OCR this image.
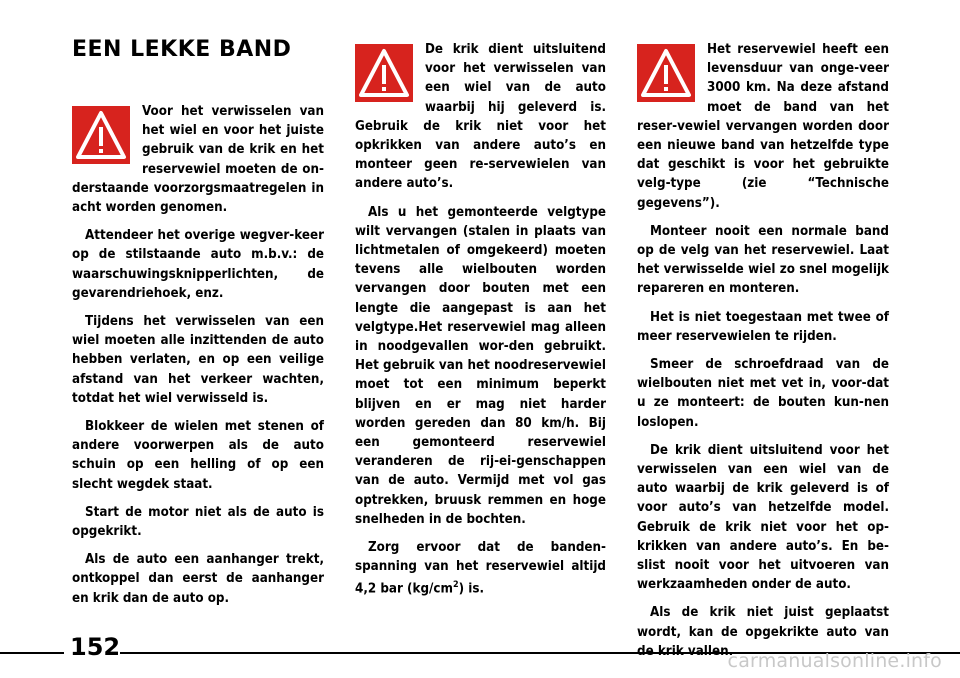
EEN LEKKE BAND

Voor het verwisselen van het wiel en voor het juiste gebruik van de krik en het reservewiel moeten de on-derstaande voorzorgsmaatregelen in acht worden genomen.

Attendeer het overige wegver-keer op de stilstaande auto m.b.v.: de waarschuwingsknipperlichten, de gevarendriehoek, enz.

Tijdens het verwisselen van een wiel moeten alle inzittenden de auto hebben verlaten, en op een veilige afstand van het verkeer wachten, totdat het wiel verwisseld is.

Blokkeer de wielen met stenen of andere voorwerpen als de auto schuin op een helling of op een slecht wegdek staat.

Start de motor niet als de auto is opgekrikt.

Als de auto een aanhanger trekt, ontkoppel dan eerst de aanhanger en krik dan de auto op.

De krik dient uitsluitend voor het verwisselen van een wiel van de auto waarbij hij geleverd is. Gebruik de krik niet voor het opkrikken van andere auto’s en monteer geen re-servewielen van andere auto’s.

Als u het gemonteerde velgtype wilt vervangen (stalen in plaats van lichtmetalen of omgekeerd) moeten tevens alle wielbouten worden vervangen door bouten met een lengte die aangepast is aan het velgtype.Het reservewiel mag alleen in noodgevallen wor-den gebruikt. Het gebruik van het noodreservewiel moet tot een minimum beperkt blijven en er mag niet harder worden gereden dan 80 km/h. Bij een gemonteerd reservewiel veranderen de rij-ei-genschappen van de auto. Vermijd met vol gas optrekken, bruusk remmen en hoge snelheden in de bochten.

Zorg ervoor dat de banden-spanning van het reservewiel altijd 4,2 bar $(kg/cm^2)$ is.

Het reservewiel heeft een levensduur van onge-veer 3000 km. Na deze afstand moet de band van het reser-vewiel vervangen worden door een nieuwe band van hetzelfde type dat geschikt is voor het gebruikte velg-type (zie “Technische gegevens”).

Monteer nooit een normale band op de velg van het reservewiel. Laat het verwisselde wiel zo snel mogelijk repareren en monteren.

Het is niet toegestaan met twee of meer reservewielen te rijden.

Smeer de schroefdraad van de wielbouten niet met vet in, voor-dat u ze monteert: de bouten kun-nen loslopen.

De krik dient uitsluitend voor het verwisselen van een wiel van de auto waarbij de krik geleverd is of voor auto’s van hetzelfde model. Gebruik de krik niet voor het op-krikken van andere auto’s. En be-slist nooit voor het uitvoeren van werkzaamheden onder de auto.

Als de krik niet juist geplaatst wordt, kan de opgekrikte auto van

152	carmanualsonline.info
